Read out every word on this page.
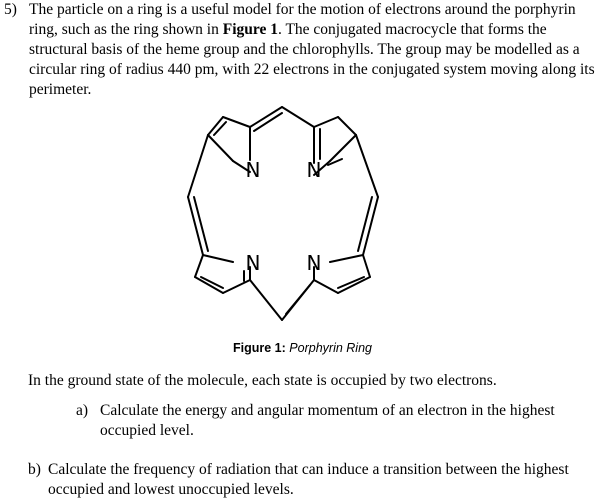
5) The particle on a ring is a useful model for the motion of electrons around the porphyrin ring, such as the ring shown in Figure 1. The conjugated macrocycle that forms the structural basis of the heme group and the chlorophylls. The group may be modelled as a circular ring of radius 440 pm, with 22 electrons in the conjugated system moving along its perimeter.
N N
N N
Figure 1: Porphyrin Ring
In the ground state of the molecule, each state is occupied by two electrons.
a) Calculate the energy and angular momentum of an electron in the highest occupied level.
b) Calculate the frequency of radiation that can induce a transition between the highest occupied and lowest unoccupied levels.
